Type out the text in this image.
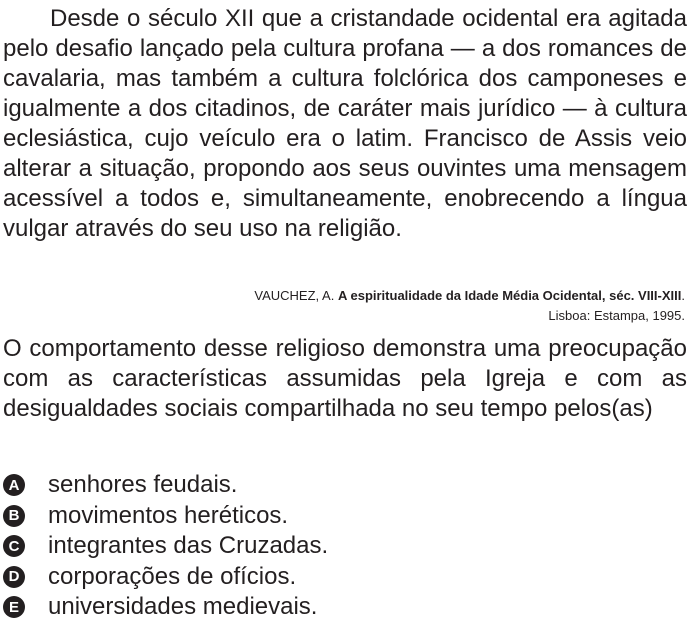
Desde o século XII que a cristandade ocidental era agitada pelo desafio lançado pela cultura profana — a dos romances de cavalaria, mas também a cultura folclórica dos camponeses e igualmente a dos citadinos, de caráter mais jurídico — à cultura eclesiástica, cujo veículo era o latim. Francisco de Assis veio alterar a situação, propondo aos seus ouvintes uma mensagem acessível a todos e, simultaneamente, enobrecendo a língua vulgar através do seu uso na religião.

VAUCHEZ, A. A espiritualidade da Idade Média Ocidental, séc. VIII-XIII.
Lisboa: Estampa, 1995.

O comportamento desse religioso demonstra uma preocupação com as características assumidas pela Igreja e com as desigualdades sociais compartilhada no seu tempo pelos(as)

A senhores feudais.
B movimentos heréticos.
C integrantes das Cruzadas.
D corporações de ofícios.
E universidades medievais.
